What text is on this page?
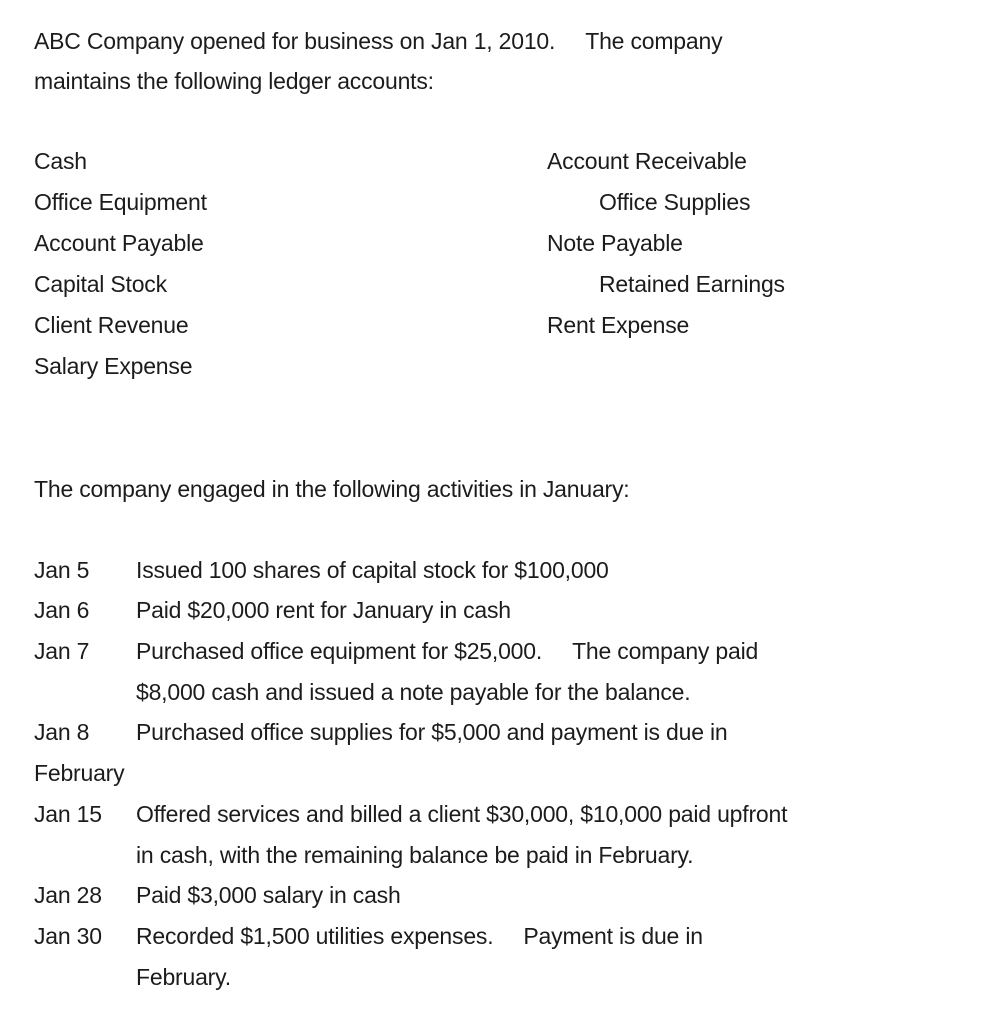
ABC Company opened for business on Jan 1, 2010. The company
maintains the following ledger accounts:
Cash
Office Equipment
Account Payable
Capital Stock
Client Revenue
Salary Expense
Account Receivable
Office Supplies
Note Payable
Retained Earnings
Rent Expense
The company engaged in the following activities in January:
Jan 5 Issued 100 shares of capital stock for $100,000
Jan 6 Paid $20,000 rent for January in cash
Jan 7 Purchased office equipment for $25,000. The company paid
$8,000 cash and issued a note payable for the balance.
Jan 8 Purchased office supplies for $5,000 and payment is due in
February
Jan 15 Offered services and billed a client $30,000, $10,000 paid upfront
in cash, with the remaining balance be paid in February.
Jan 28 Paid $3,000 salary in cash
Jan 30 Recorded $1,500 utilities expenses. Payment is due in
February.
